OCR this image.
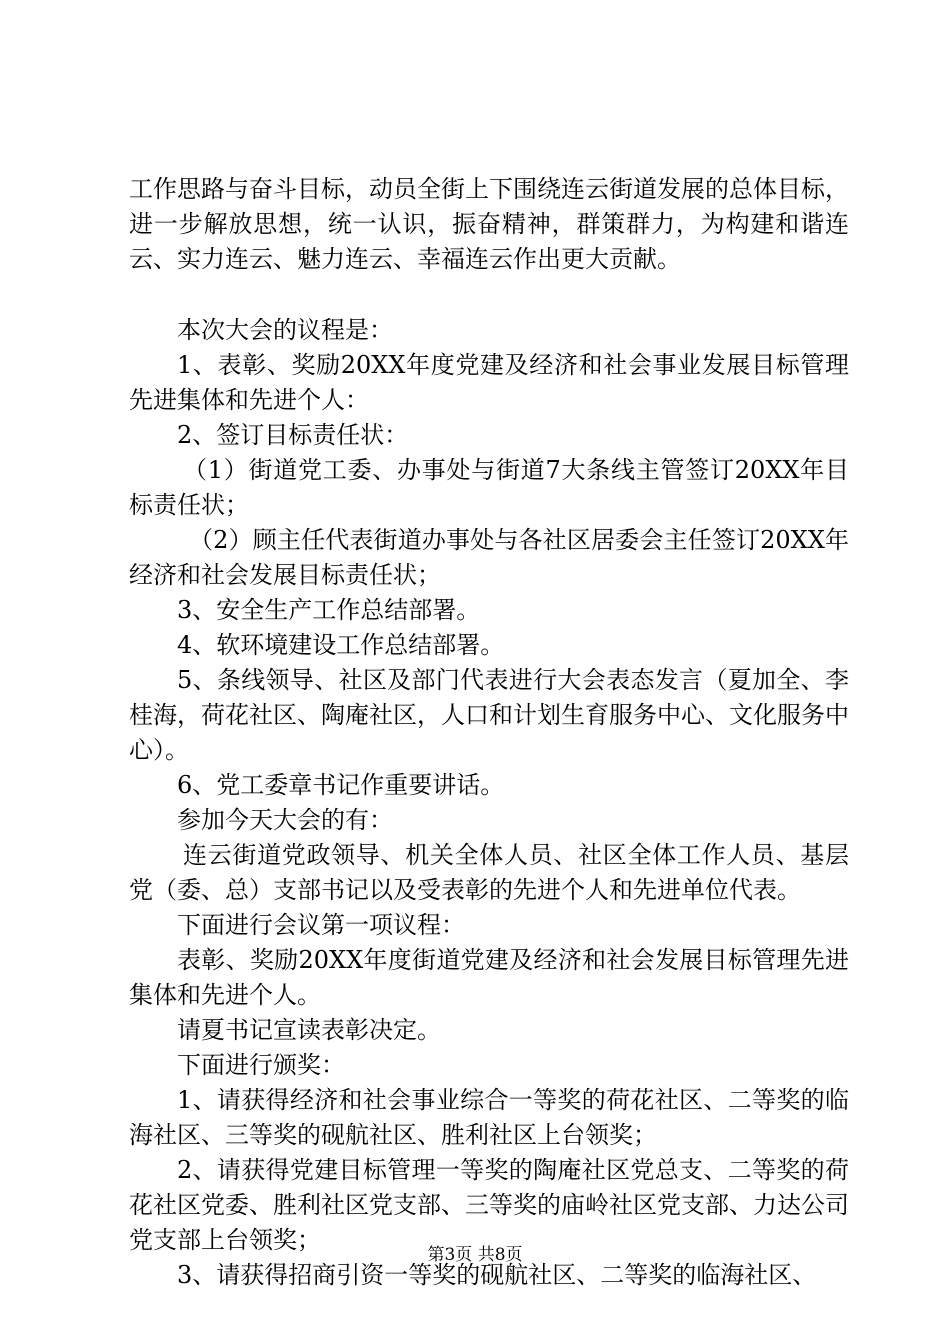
工作思路与奋斗目标，动员全街上下围绕连云街道发展的总体目标，进一步解放思想，统一认识，振奋精神，群策群力，为构建和谐连云、实力连云、魅力连云、幸福连云作出更大贡献。

本次大会的议程是：

1、表彰、奖励20XX年度党建及经济和社会事业发展目标管理先进集体和先进个人：

2、签订目标责任状：

（1）街道党工委、办事处与街道7大条线主管签订20XX年目标责任状；

（2）顾主任代表街道办事处与各社区居委会主任签订20XX年经济和社会发展目标责任状；

3、安全生产工作总结部署。

4、软环境建设工作总结部署。

5、条线领导、社区及部门代表进行大会表态发言（夏加全、李桂海，荷花社区、陶庵社区，人口和计划生育服务中心、文化服务中心）。

6、党工委章书记作重要讲话。

参加今天大会的有：

连云街道党政领导、机关全体人员、社区全体工作人员、基层党（委、总）支部书记以及受表彰的先进个人和先进单位代表。

下面进行会议第一项议程：

表彰、奖励20XX年度街道党建及经济和社会发展目标管理先进集体和先进个人。

请夏书记宣读表彰决定。

下面进行颁奖：

1、请获得经济和社会事业综合一等奖的荷花社区、二等奖的临海社区、三等奖的砚航社区、胜利社区上台领奖；

2、请获得党建目标管理一等奖的陶庵社区党总支、二等奖的荷花社区党委、胜利社区党支部、三等奖的庙岭社区党支部、力达公司党支部上台领奖；

3、请获得招商引资一等奖的砚航社区、二等奖的临海社区、

第3页 共8页
